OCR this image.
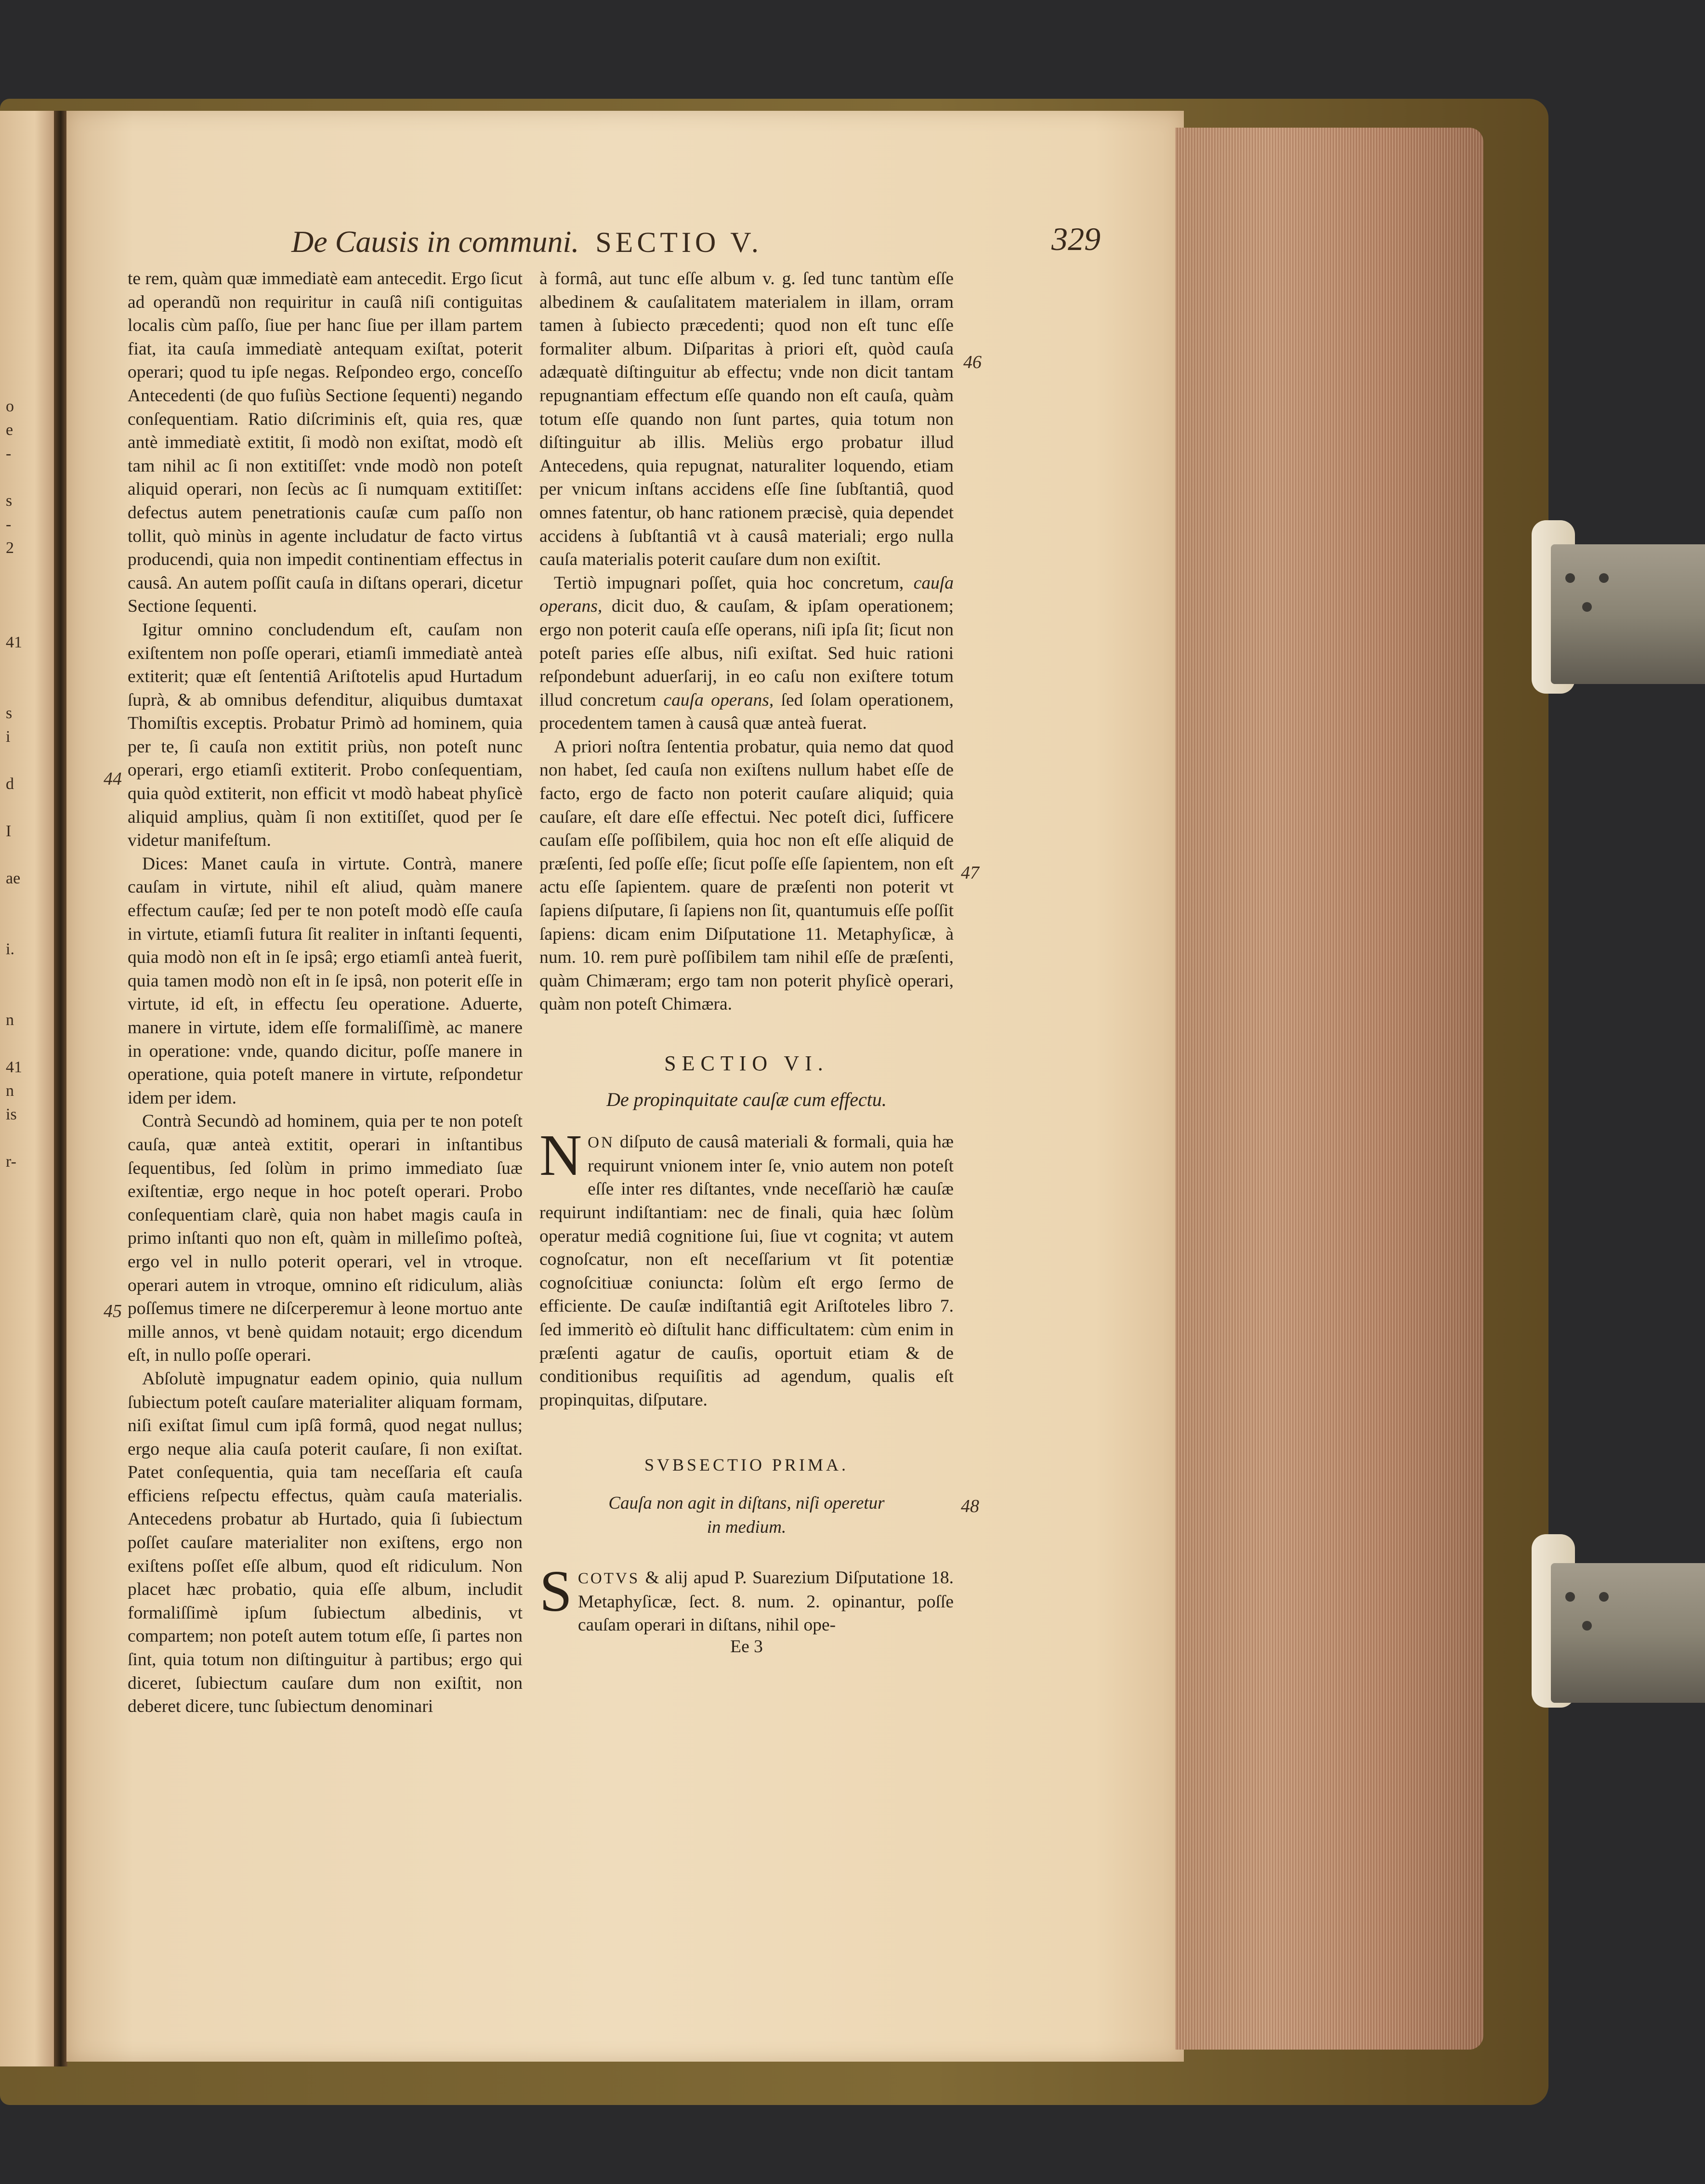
o
e
-
s
-
2
41
s
i
d
I
ae
i.
n
41
n
is
r-
De Causis in communi. SECTIO V.	329

te rem, quàm quæ immediatè eam antecedit. Ergo ſicut ad operandũ non requiritur in cauſâ niſi contiguitas localis cùm paſſo, ſiue per hanc ſiue per illam partem fiat, ita cauſa immediatè antequam exiſtat, poterit operari; quod tu ipſe negas. Reſpondeo ergo, conceſſo Antecedenti (de quo fuſiùs Sectione ſequenti) negando conſequentiam. Ratio diſcriminis eſt, quia res, quæ antè immediatè extitit, ſi modò non exiſtat, modò eſt tam nihil ac ſi non extitiſſet: vnde modò non poteſt aliquid operari, non ſecùs ac ſi numquam extitiſſet: defectus autem penetrationis cauſæ cum paſſo non tollit, quò minùs in agente includatur de facto virtus producendi, quia non impedit continentiam effectus in causâ. An autem poſſit cauſa in diſtans operari, dicetur Sectione ſequenti.

Igitur omnino concludendum eſt, cauſam non exiſtentem non poſſe operari, etiamſi immediatè anteà extiterit; quæ eſt ſententiâ Ariſtotelis apud Hurtadum ſuprà, & ab omnibus defenditur, aliquibus dumtaxat Thomiſtis exceptis. Probatur Primò ad hominem, quia per te, ſi cauſa non extitit priùs, non poteſt nunc operari, ergo etiamſi extiterit. Probo conſequentiam, quia quòd extiterit, non efficit vt modò habeat phyſicè aliquid amplius, quàm ſi non extitiſſet, quod per ſe videtur manifeſtum.

Dices: Manet cauſa in virtute. Contrà, manere cauſam in virtute, nihil eſt aliud, quàm manere effectum cauſæ; ſed per te non poteſt modò eſſe cauſa in virtute, etiamſi futura ſit realiter in inſtanti ſequenti, quia modò non eſt in ſe ipsâ; ergo etiamſi anteà fuerit, quia tamen modò non eſt in ſe ipsâ, non poterit eſſe in virtute, id eſt, in effectu ſeu operatione. Aduerte, manere in virtute, idem eſſe formaliſſimè, ac manere in operatione: vnde, quando dicitur, poſſe manere in operatione, quia poteſt manere in virtute, reſpondetur idem per idem.

Contrà Secundò ad hominem, quia per te non poteſt cauſa, quæ anteà extitit, operari in inſtantibus ſequentibus, ſed ſolùm in primo immediato ſuæ exiſtentiæ, ergo neque in hoc poteſt operari. Probo conſequentiam clarè, quia non habet magis cauſa in primo inſtanti quo non eſt, quàm in milleſimo poſteà, ergo vel in nullo poterit operari, vel in vtroque. operari autem in vtroque, omnino eſt ridiculum, aliàs poſſemus timere ne diſcerperemur à leone mortuo ante mille annos, vt benè quidam notauit; ergo dicendum eſt, in nullo poſſe operari.

Abſolutè impugnatur eadem opinio, quia nullum ſubiectum poteſt cauſare materialiter aliquam formam, niſi exiſtat ſimul cum ipſâ formâ, quod negat nullus; ergo neque alia cauſa poterit cauſare, ſi non exiſtat. Patet conſequentia, quia tam neceſſaria eſt cauſa efficiens reſpectu effectus, quàm cauſa materialis. Antecedens probatur ab Hurtado, quia ſi ſubiectum poſſet cauſare materialiter non exiſtens, ergo non exiſtens poſſet eſſe album, quod eſt ridiculum. Non placet hæc probatio, quia eſſe album, includit formaliſſimè ipſum ſubiectum albedinis, vt compartem; non poteſt autem totum eſſe, ſi partes non ſint, quia totum non diſtinguitur à partibus; ergo qui diceret, ſubiectum cauſare dum non exiſtit, non deberet dicere, tunc ſubiectum denominari

à formâ, aut tunc eſſe album v. g. ſed tunc tantùm eſſe albedinem & cauſalitatem materialem in illam, orram tamen à ſubiecto præcedenti; quod non eſt tunc eſſe formaliter album. Diſparitas à priori eſt, quòd cauſa adæquatè diſtinguitur ab effectu; vnde non dicit tantam repugnantiam effectum eſſe quando non eſt cauſa, quàm totum eſſe quando non ſunt partes, quia totum non diſtinguitur ab illis. Meliùs ergo probatur illud Antecedens, quia repugnat, naturaliter loquendo, etiam per vnicum inſtans accidens eſſe ſine ſubſtantiâ, quod omnes fatentur, ob hanc rationem præcisè, quia dependet accidens à ſubſtantiâ vt à causâ materiali; ergo nulla cauſa materialis poterit cauſare dum non exiſtit.

Tertiò impugnari poſſet, quia hoc concretum, cauſa operans, dicit duo, & cauſam, & ipſam operationem; ergo non poterit cauſa eſſe operans, niſi ipſa ſit; ſicut non poteſt paries eſſe albus, niſi exiſtat. Sed huic rationi reſpondebunt aduerſarij, in eo caſu non exiſtere totum illud concretum cauſa operans, ſed ſolam operationem, procedentem tamen à causâ quæ anteà fuerat.

A priori noſtra ſententia probatur, quia nemo dat quod non habet, ſed cauſa non exiſtens nullum habet eſſe de facto, ergo de facto non poterit cauſare aliquid; quia cauſare, eſt dare eſſe effectui. Nec poteſt dici, ſufficere cauſam eſſe poſſibilem, quia hoc non eſt eſſe aliquid de præſenti, ſed poſſe eſſe; ſicut poſſe eſſe ſapientem, non eſt actu eſſe ſapientem. quare de præſenti non poterit vt ſapiens diſputare, ſi ſapiens non ſit, quantumuis eſſe poſſit ſapiens: dicam enim Diſputatione 11. Metaphyſicæ, à num. 10. rem purè poſſibilem tam nihil eſſe de præſenti, quàm Chimæram; ergo tam non poterit phyſicè operari, quàm non poteſt Chimæra.

SECTIO VI.
De propinquitate cauſæ cum effectu.

N ON diſputo de causâ materiali & formali, quia hæ requirunt vnionem inter ſe, vnio autem non poteſt eſſe inter res diſtantes, vnde neceſſariò hæ cauſæ requirunt indiſtantiam: nec de finali, quia hæc ſolùm operatur mediâ cognitione ſui, ſiue vt cognita; vt autem cognoſcatur, non eſt neceſſarium vt ſit potentiæ cognoſcitiuæ coniuncta: ſolùm eſt ergo ſermo de efficiente. De cauſæ indiſtantiâ egit Ariſtoteles libro 7. ſed immeritò eò diſtulit hanc difficultatem: cùm enim in præſenti agatur de cauſis, oportuit etiam & de conditionibus requiſitis ad agendum, qualis eſt propinquitas, diſputare.

SVBSECTIO PRIMA.
Cauſa non agit in diſtans, niſi operetur
in medium.

S COTVS & alij apud P. Suarezium Diſputatione 18. Metaphyſicæ, ſect. 8. num. 2. opinantur, poſſe cauſam operari in diſtans, nihil ope-

Ee 3
44
45
46
47
48
